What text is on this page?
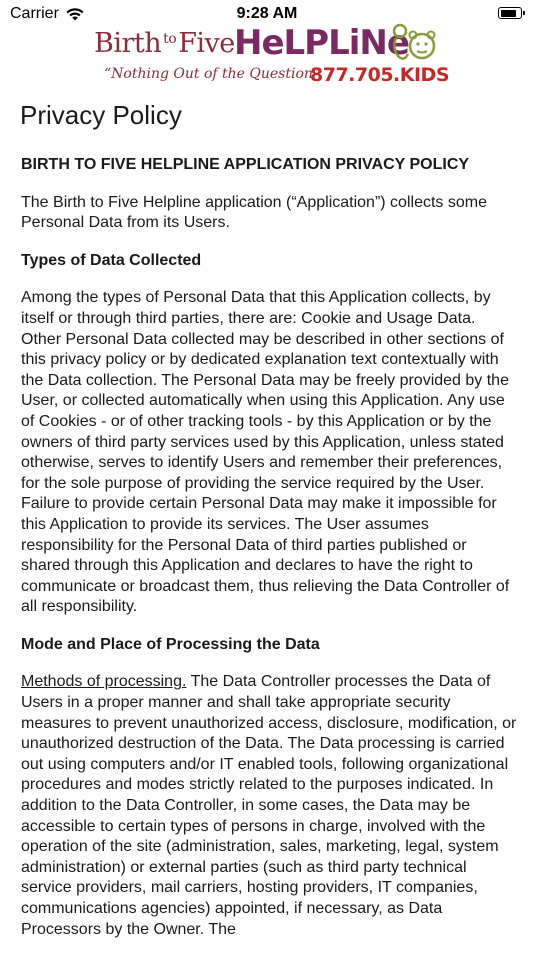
Carrier	9:28 AM
Birth $^{to}$Five HeLPLiNe
“Nothing Out of the Question”
877.705.KIDS
Privacy Policy

BIRTH TO FIVE HELPLINE APPLICATION PRIVACY POLICY

The Birth to Five Helpline application (“Application”) collects some Personal Data from its Users.

Types of Data Collected

Among the types of Personal Data that this Application collects, by itself or through third parties, there are: Cookie and Usage Data. Other Personal Data collected may be described in other sections of this privacy policy or by dedicated explanation text contextually with the Data collection. The Personal Data may be freely provided by the User, or collected automatically when using this Application. Any use of Cookies - or of other tracking tools - by this Application or by the owners of third party services used by this Application, unless stated otherwise, serves to identify Users and remember their preferences, for the sole purpose of providing the service required by the User. Failure to provide certain Personal Data may make it impossible for this Application to provide its services. The User assumes responsibility for the Personal Data of third parties published or shared through this Application and declares to have the right to communicate or broadcast them, thus relieving the Data Controller of all responsibility.

Mode and Place of Processing the Data

Methods of processing. The Data Controller processes the Data of Users in a proper manner and shall take appropriate security measures to prevent unauthorized access, disclosure, modification, or unauthorized destruction of the Data. The Data processing is carried out using computers and/or IT enabled tools, following organizational procedures and modes strictly related to the purposes indicated. In addition to the Data Controller, in some cases, the Data may be accessible to certain types of persons in charge, involved with the operation of the site (administration, sales, marketing, legal, system administration) or external parties (such as third party technical service providers, mail carriers, hosting providers, IT companies, communications agencies) appointed, if necessary, as Data Processors by the Owner. The
